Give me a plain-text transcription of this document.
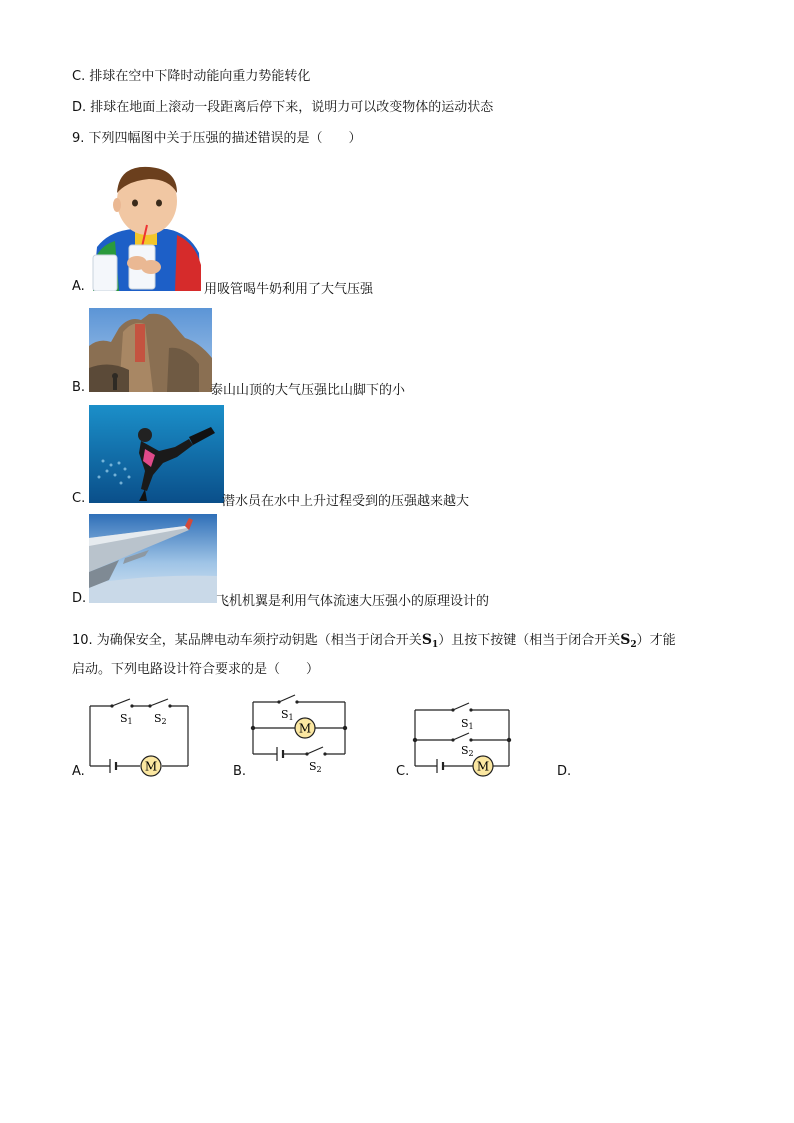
C. 排球在空中下降时动能向重力势能转化
D. 排球在地面上滚动一段距离后停下来，说明力可以改变物体的运动状态
9. 下列四幅图中关于压强的描述错误的是（　　）
A.	用吸管喝牛奶利用了大气压强
B.	泰山山顶的大气压强比山脚下的小
C.	潜水员在水中上升过程受到的压强越来越大
D.	飞机机翼是利用气体流速大压强小的原理设计的
10. 为确保安全，某品牌电动车须拧动钥匙（相当于闭合开关$S_1$）且按下按键（相当于闭合开关$S_2$）才能
启动。下列电路设计符合要求的是（　　）
M
S1 S2
A.
M
S1
S2
B.	M
S1
S2
C.	D.
